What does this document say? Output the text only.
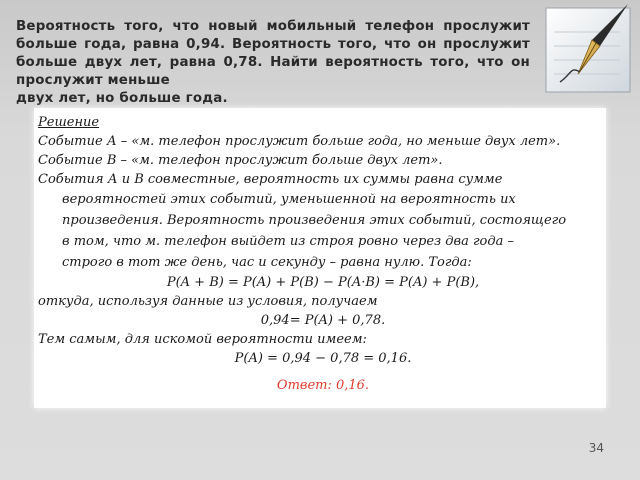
Вероятность того, что новый мобильный телефон прослужит больше года, равна 0,94. Вероятность того, что он прослужит больше двух лет, равна 0,78. Найти вероятность того, что он прослужит меньше
двух лет, но больше года.

Решение

Событие А – «м. телефон прослужит больше года, но меньше двух лет».

Событие В – «м. телефон прослужит больше двух лет».

События А и В совместные, вероятность их суммы равна сумме

вероятностей этих событий, уменьшенной на вероятность их

произведения. Вероятность произведения этих событий, состоящего

в том, что м. телефон выйдет из строя ровно через два года –

строго в тот же день, час и секунду – равна нулю. Тогда:

P(A + B) = P(A) + P(B) − P(A·B) = P(A) + P(B),

откуда, используя данные из условия, получаем

0,94= P(A) + 0,78.

Тем самым, для искомой вероятности имеем:

P(A) = 0,94 − 0,78 = 0,16.

Ответ: 0,16.

34
